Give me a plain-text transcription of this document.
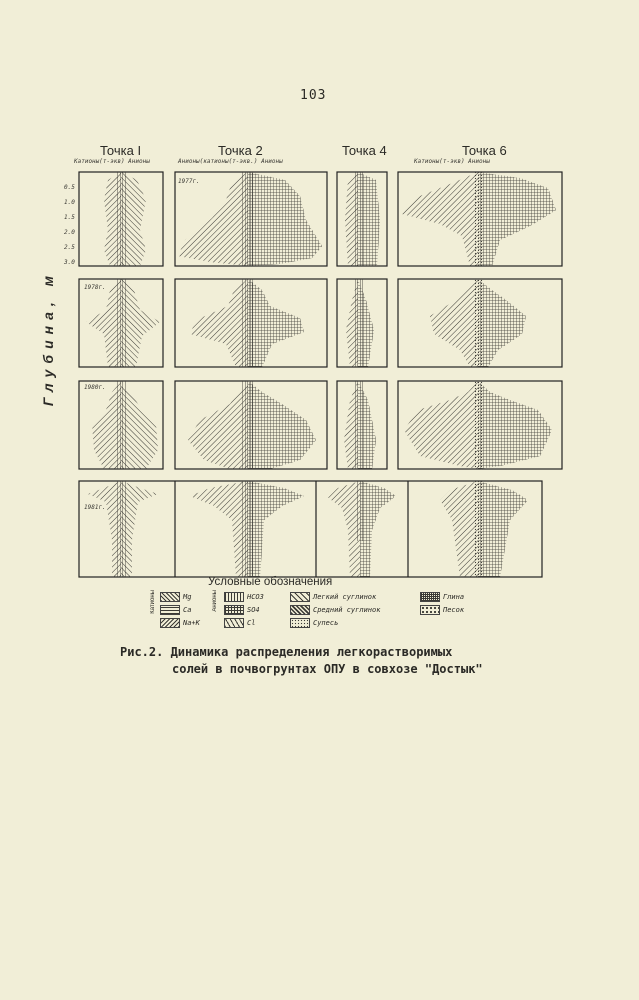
103
Точка I	Точка 2	Точка 4	Точка 6
Катионы(т-экв) Анионы	Анионы(катионы(т-экв.) Анионы	Катионы(т-экв) Анионы
Глубина, м
0.5
1.0
1.5
2.0
2.5
3.0
1977г.
1978г.
1980г.
1981г.
Условные обозначения
Катионы	Анионы
Mg
Ca
Na+K
HCO3
SO4
Cl
Легкий суглинок
Средний суглинок
Супесь
Глина
Песок
Рис.2. Динамика распределения легкорастворимых
солей в почвогрунтах ОПУ в совхозе "Достык"
